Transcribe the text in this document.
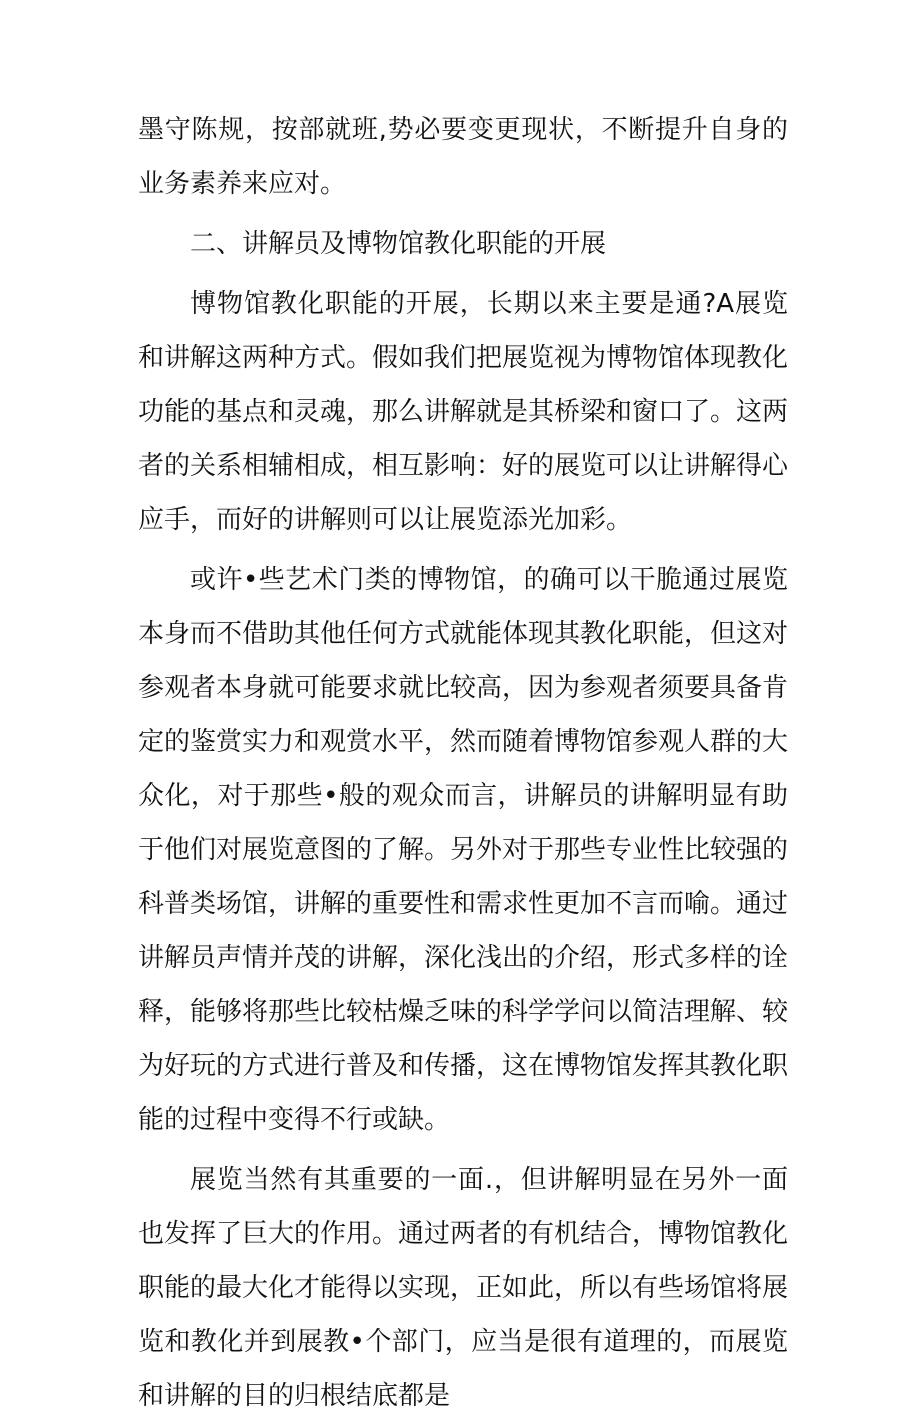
墨守陈规，按部就班,势必要变更现状，不断提升自身的业务素养来应对。

二、讲解员及博物馆教化职能的开展

博物馆教化职能的开展，长期以来主要是通?A展览和讲解这两种方式。假如我们把展览视为博物馆体现教化功能的基点和灵魂，那么讲解就是其桥梁和窗口了。这两者的关系相辅相成，相互影响：好的展览可以让讲解得心应手，而好的讲解则可以让展览添光加彩。

或许•些艺术门类的博物馆，的确可以干脆通过展览本身而不借助其他任何方式就能体现其教化职能，但这对参观者本身就可能要求就比较高，因为参观者须要具备肯定的鉴赏实力和观赏水平，然而随着博物馆参观人群的大众化，对于那些•般的观众而言，讲解员的讲解明显有助于他们对展览意图的了解。另外对于那些专业性比较强的科普类场馆，讲解的重要性和需求性更加不言而喻。通过讲解员声情并茂的讲解，深化浅出的介绍，形式多样的诠释，能够将那些比较枯燥乏味的科学学问以简洁理解、较为好玩的方式进行普及和传播，这在博物馆发挥其教化职能的过程中变得不行或缺。

展览当然有其重要的一面.，但讲解明显在另外一面也发挥了巨大的作用。通过两者的有机结合，博物馆教化职能的最大化才能得以实现，正如此，所以有些场馆将展览和教化并到展教•个部门，应当是很有道理的，而展览和讲解的目的归根结底都是
